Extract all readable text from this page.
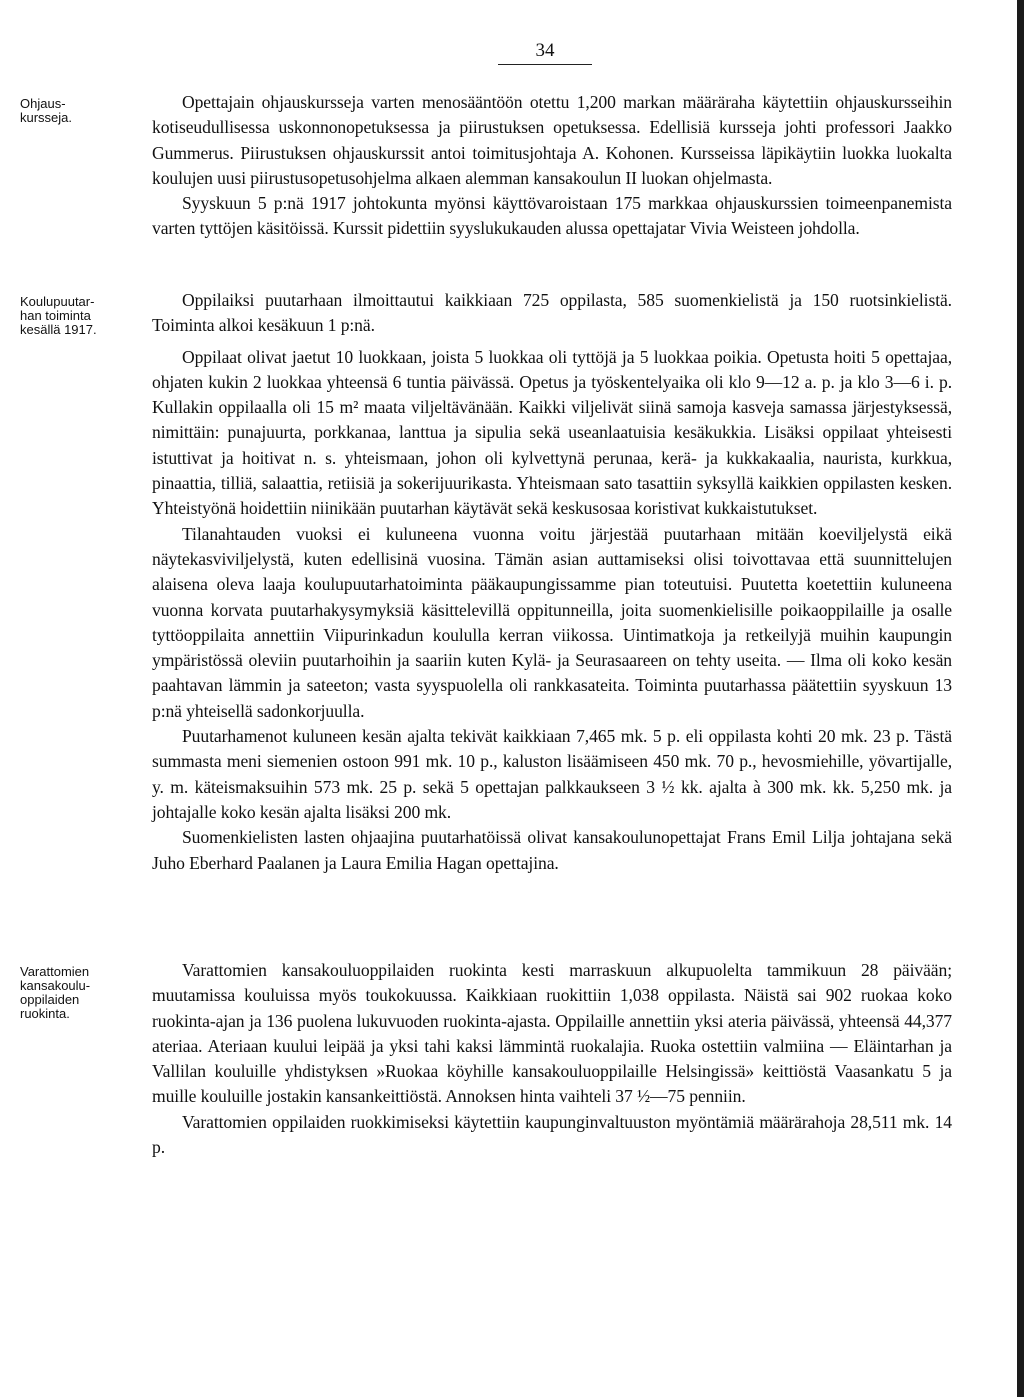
34
Ohjaus-
kursseja.
Koulupuutar-
han toiminta
kesällä 1917.
Varattomien
kansakoulu-
oppilaiden
ruokinta.

Opettajain ohjauskursseja varten menosääntöön otettu 1,200 markan määräraha käytettiin ohjauskursseihin kotiseudullisessa uskonnonopetuksessa ja piirustuksen opetuksessa. Edellisiä kursseja johti professori Jaakko Gummerus. Piirustuksen ohjauskurssit antoi toimitusjohtaja A. Kohonen. Kursseissa läpikäytiin luokka luokalta koulujen uusi piirustusopetusohjelma alkaen alemman kansakoulun II luokan ohjelmasta.

Syyskuun 5 p:nä 1917 johtokunta myönsi käyttövaroistaan 175 markkaa ohjauskurssien toimeenpanemista varten tyttöjen käsitöissä. Kurssit pidettiin syyslukukauden alussa opettajatar Vivia Weisteen johdolla.

Oppilaiksi puutarhaan ilmoittautui kaikkiaan 725 oppilasta, 585 suomenkielistä ja 150 ruotsinkielistä. Toiminta alkoi kesäkuun 1 p:nä.

Oppilaat olivat jaetut 10 luokkaan, joista 5 luokkaa oli tyttöjä ja 5 luokkaa poikia. Opetusta hoiti 5 opettajaa, ohjaten kukin 2 luokkaa yhteensä 6 tuntia päivässä. Opetus ja työskentelyaika oli klo 9—12 a. p. ja klo 3—6 i. p. Kullakin oppilaalla oli 15 m² maata viljeltävänään. Kaikki viljelivät siinä samoja kasveja samassa järjestyksessä, nimittäin: punajuurta, porkkanaa, lanttua ja sipulia sekä useanlaatuisia kesäkukkia. Lisäksi oppilaat yhteisesti istuttivat ja hoitivat n. s. yhteismaan, johon oli kylvettynä perunaa, kerä- ja kukkakaalia, nauristа, kurkkua, pinaattia, tilliä, salaattia, retiisiä ja sokerijuurikasta. Yhteismaan sato tasattiin syksyllä kaikkien oppilasten kesken. Yhteistyönä hoidettiin niinikään puutarhan käytävät sekä keskusosaa koristivat kukkaistutukset.

Tilanahtauden vuoksi ei kuluneena vuonna voitu järjestää puutarhaan mitään koeviljelystä eikä näytekasviviljelystä, kuten edellisinä vuosina. Tämän asian auttamiseksi olisi toivottavaa että suunnittelujen alaisena oleva laaja koulupuutarhatoiminta pääkaupungissamme pian toteutuisi. Puutetta koetettiin kuluneena vuonna korvata puutarhakysymyksiä käsittelevillä oppitunneilla, joita suomenkielisille poikaoppilaille ja osalle tyttöoppilaita annettiin Viipurinkadun koululla kerran viikossa. Uintimatkoja ja retkeilyjä muihin kaupungin ympäristössä oleviin puutarhoihin ja saariin kuten Kylä- ja Seurasaareen on tehty useita. — Ilma oli koko kesän paahtavan lämmin ja sateeton; vasta syyspuolella oli rankkasateita. Toiminta puutarhassa päätettiin syyskuun 13 p:nä yhteisellä sadonkorjuulla.

Puutarhamenot kuluneen kesän ajalta tekivät kaikkiaan 7,465 mk. 5 p. eli oppilasta kohti 20 mk. 23 p. Tästä summasta meni siemenien ostoon 991 mk. 10 p., kaluston lisäämiseen 450 mk. 70 p., hevosmiehille, yövartijalle, y. m. käteismaksuihin 573 mk. 25 p. sekä 5 opettajan palkkaukseen 3 ½ kk. ajalta à 300 mk. kk. 5,250 mk. ja johtajalle koko kesän ajalta lisäksi 200 mk.

Suomenkielisten lasten ohjaajina puutarhatöissä olivat kansakoulunopettajat Frans Emil Lilja johtajana sekä Juho Eberhard Paalanen ja Laura Emilia Hagan opettajina.

Varattomien kansakouluoppilaiden ruokinta kesti marraskuun alkupuolelta tammikuun 28 päivään; muutamissa kouluissa myös toukokuussa. Kaikkiaan ruokittiin 1,038 oppilasta. Näistä sai 902 ruokaa koko ruokinta-ajan ja 136 puolena lukuvuoden ruokinta-ajasta. Oppilaille annettiin yksi ateria päivässä, yhteensä 44,377 ateriaa. Ateriaan kuului leipää ja yksi tahi kaksi lämmintä ruokalajia. Ruoka ostettiin valmiina — Eläintarhan ja Vallilan kouluille yhdistyksen »Ruokaa köyhille kansakouluoppilaille Helsingissä» keittiöstä Vaasankatu 5 ja muille kouluille jostakin kansankeittiöstä. Annoksen hinta vaihteli 37 ½—75 penniin.

Varattomien oppilaiden ruokkimiseksi käytettiin kaupunginvaltuuston myöntämiä määrärahoja 28,511 mk. 14 p.
